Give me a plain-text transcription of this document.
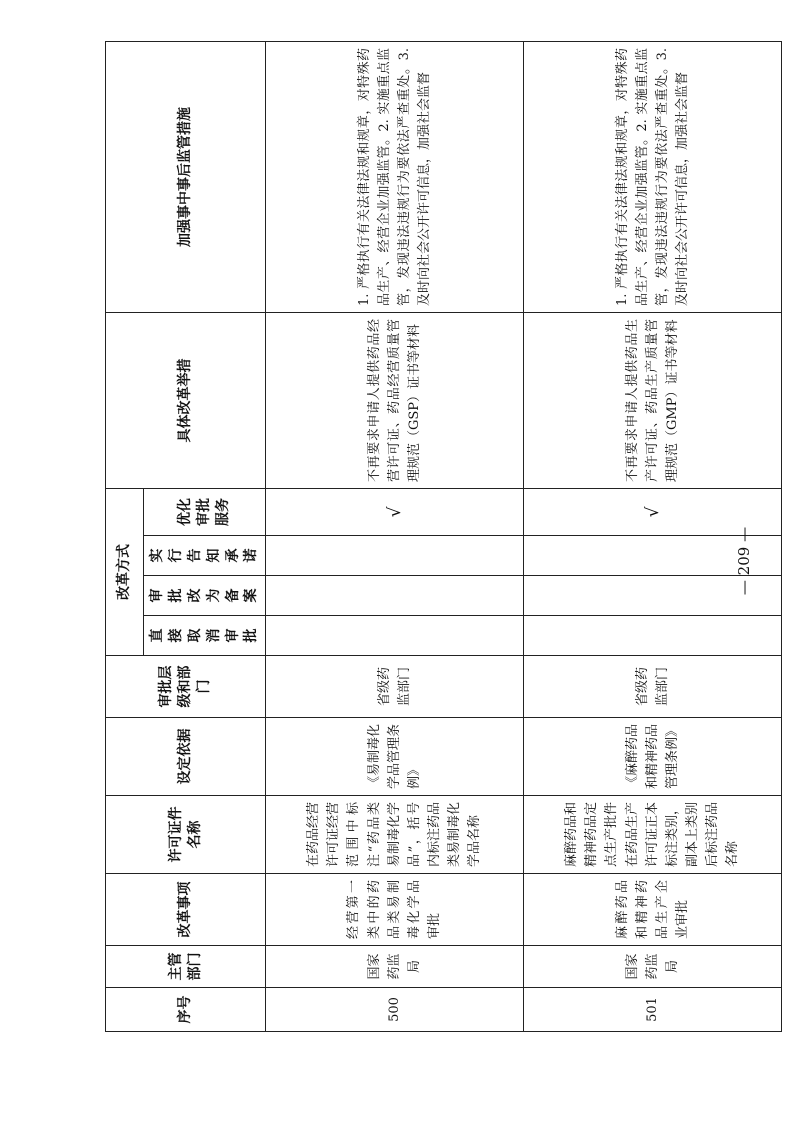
序号	主管部门	改革事项	许可证件名称	设定依据	审批层级和部门	改革方式				具体改革举措	加强事中事后监管措施
						直接取消审批	审批改为备案	实行告知承诺	优化审批服务		
500	国家药监局	经营第一类中的药品类易制毒化学品审批	在药品经营许可证经营范围中标注“药品类易制毒化学品”，括号内标注药品类易制毒化学品名称	《易制毒化学品管理条例》	省级药监部门				√	不再要求申请人提供药品经营许可证、药品经营质量管理规范（GSP）证书等材料	1. 严格执行有关法律法规和规章，对特殊药品生产、经营企业加强监管。2. 实施重点监管，发现违法违规行为要依法严查重处。3. 及时向社会公开许可信息，加强社会监督
501	国家药监局	麻醉药品和精神药品生产企业审批	麻醉药品和精神药品定点生产批件在药品生产许可证正本标注类别，副本上类别后标注药品名称	《麻醉药品和精神药品管理条例》	省级药监部门				√	不再要求申请人提供药品生产许可证、药品生产质量管理规范（GMP）证书等材料	1. 严格执行有关法律法规和规章，对特殊药品生产、经营企业加强监管。2. 实施重点监管，发现违法违规行为要依法严查重处。3. 及时向社会公开许可信息，加强社会监督
— 209 —
